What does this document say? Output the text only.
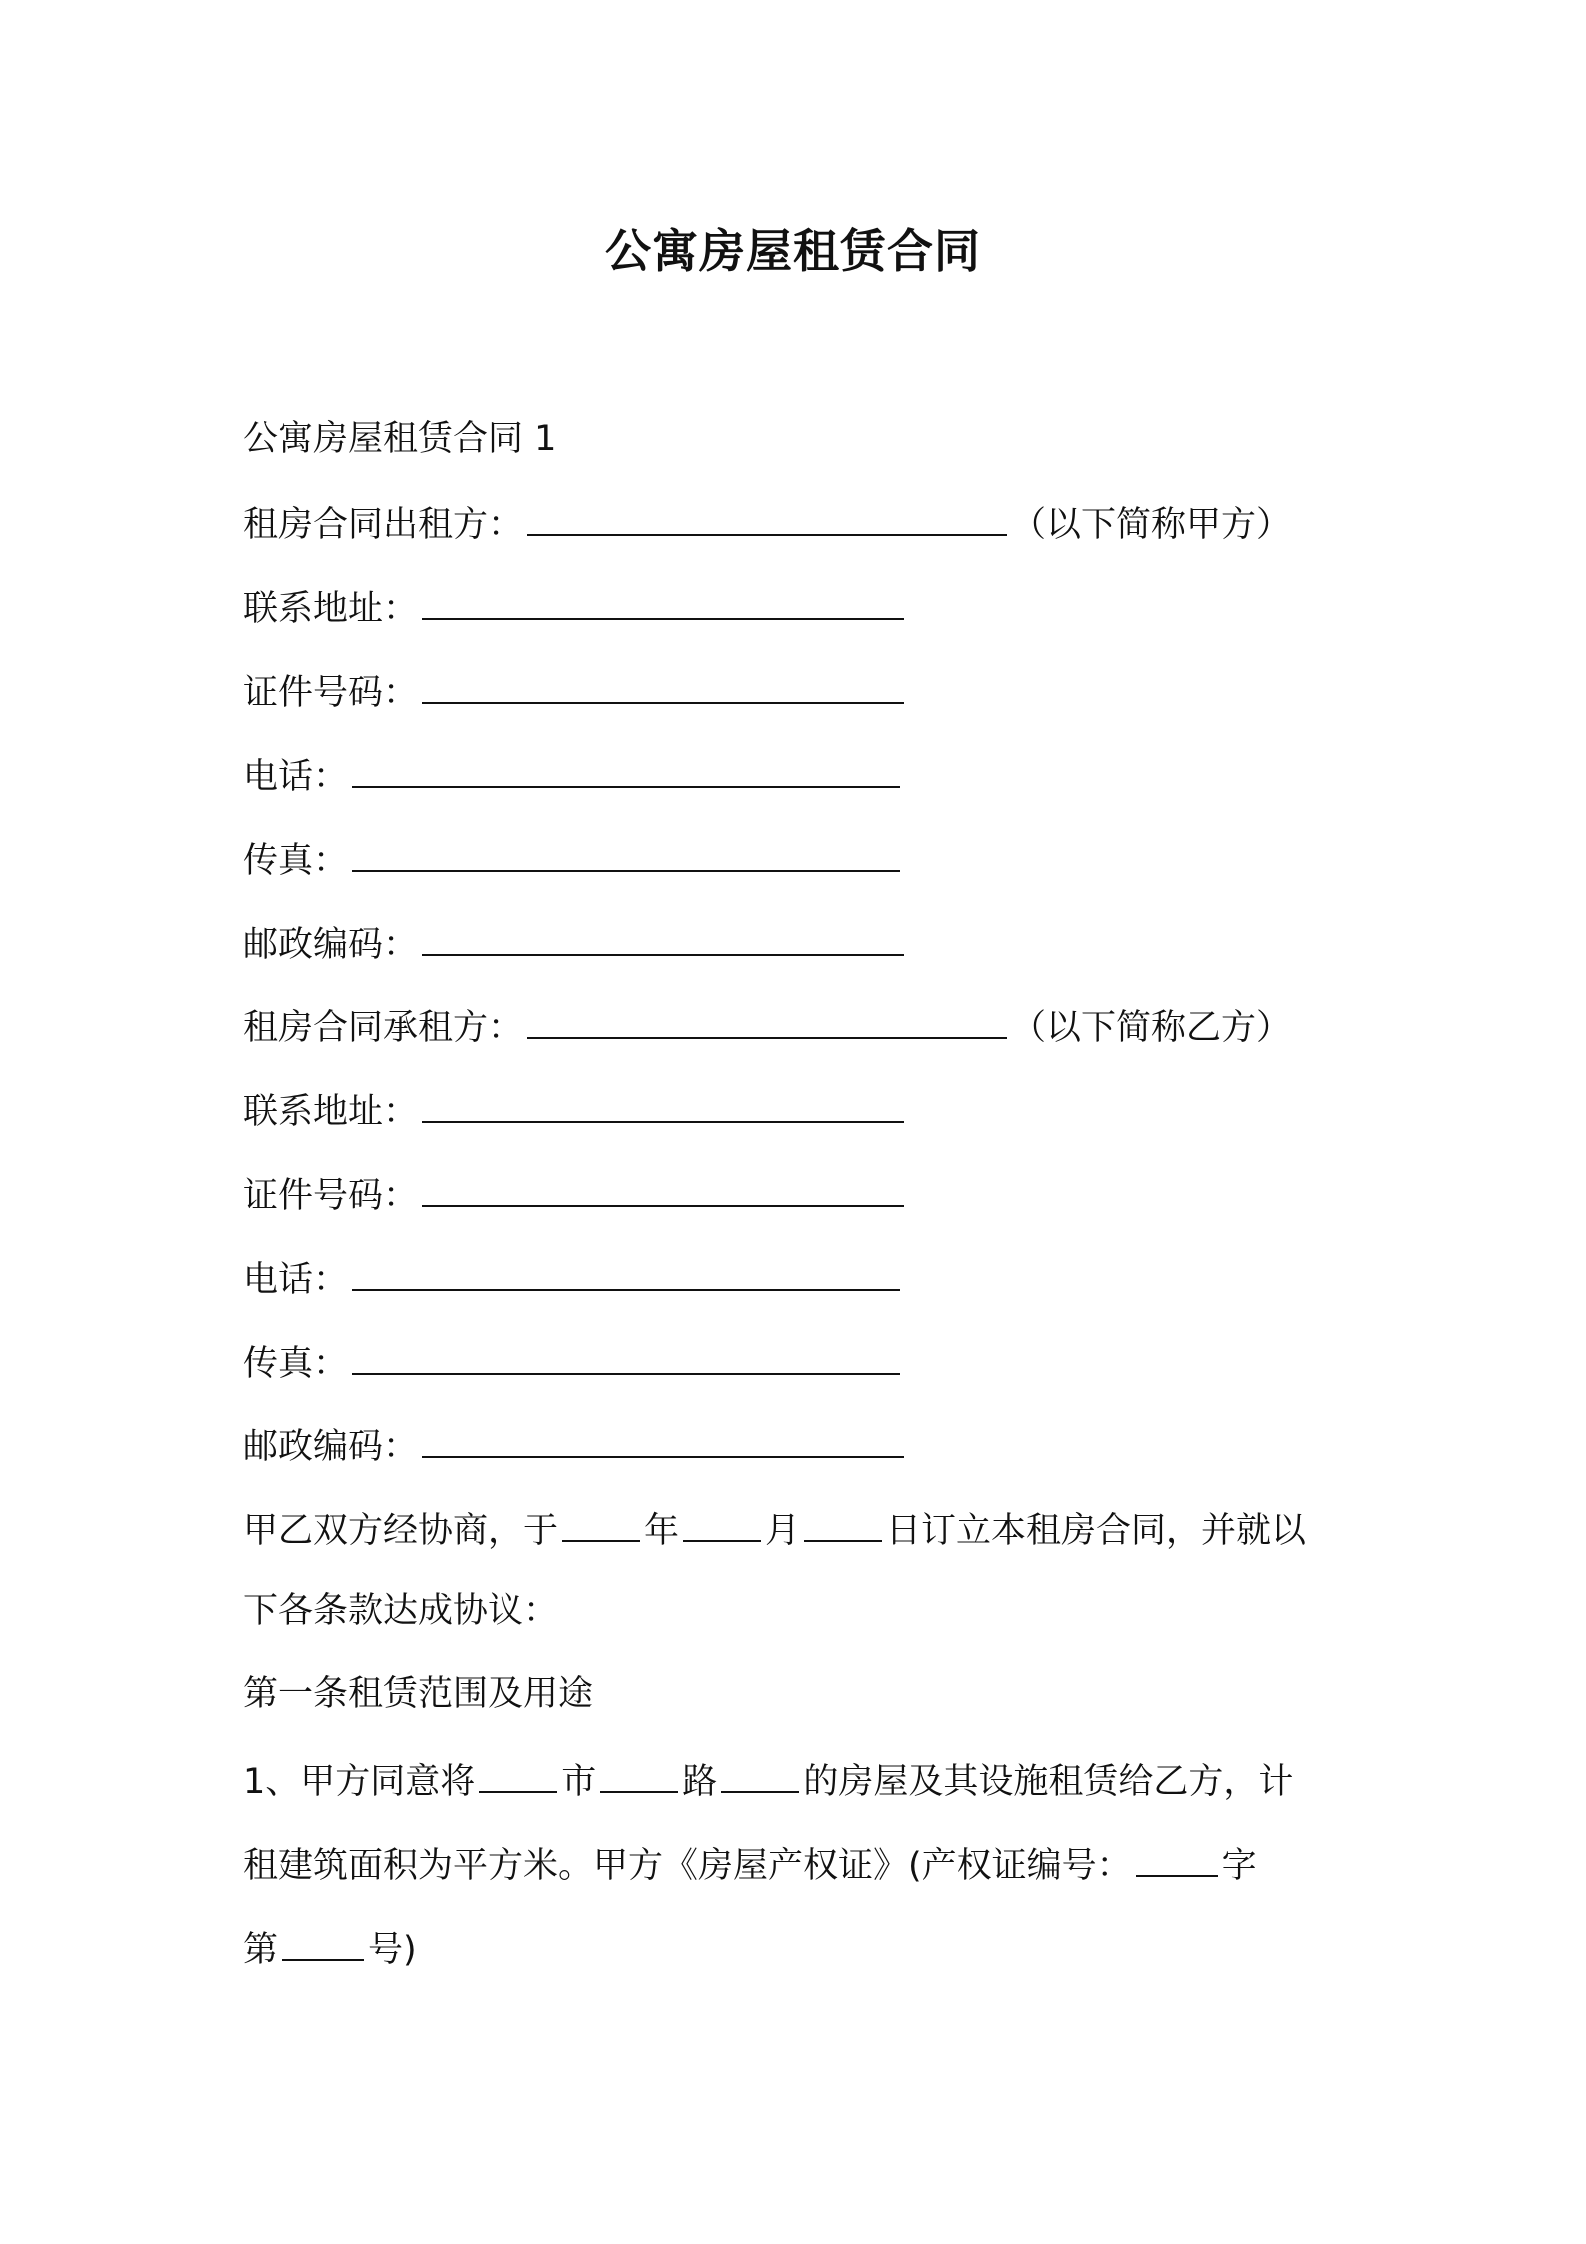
公寓房屋租赁合同
公寓房屋租赁合同 1
租房合同出租方：	（以下简称甲方）
联系地址：
证件号码：
电话：
传真：
邮政编码：
租房合同承租方：	（以下简称乙方）
联系地址：
证件号码：
电话：
传真：
邮政编码：
甲乙双方经协商，于 年 月 日订立本租房合同，并就以
下各条款达成协议：
第一条租赁范围及用途
1、甲方同意将 市 路 的房屋及其设施租赁给乙方，计
租建筑面积为平方米。甲方《房屋产权证》(产权证编号：	字
第	号)
